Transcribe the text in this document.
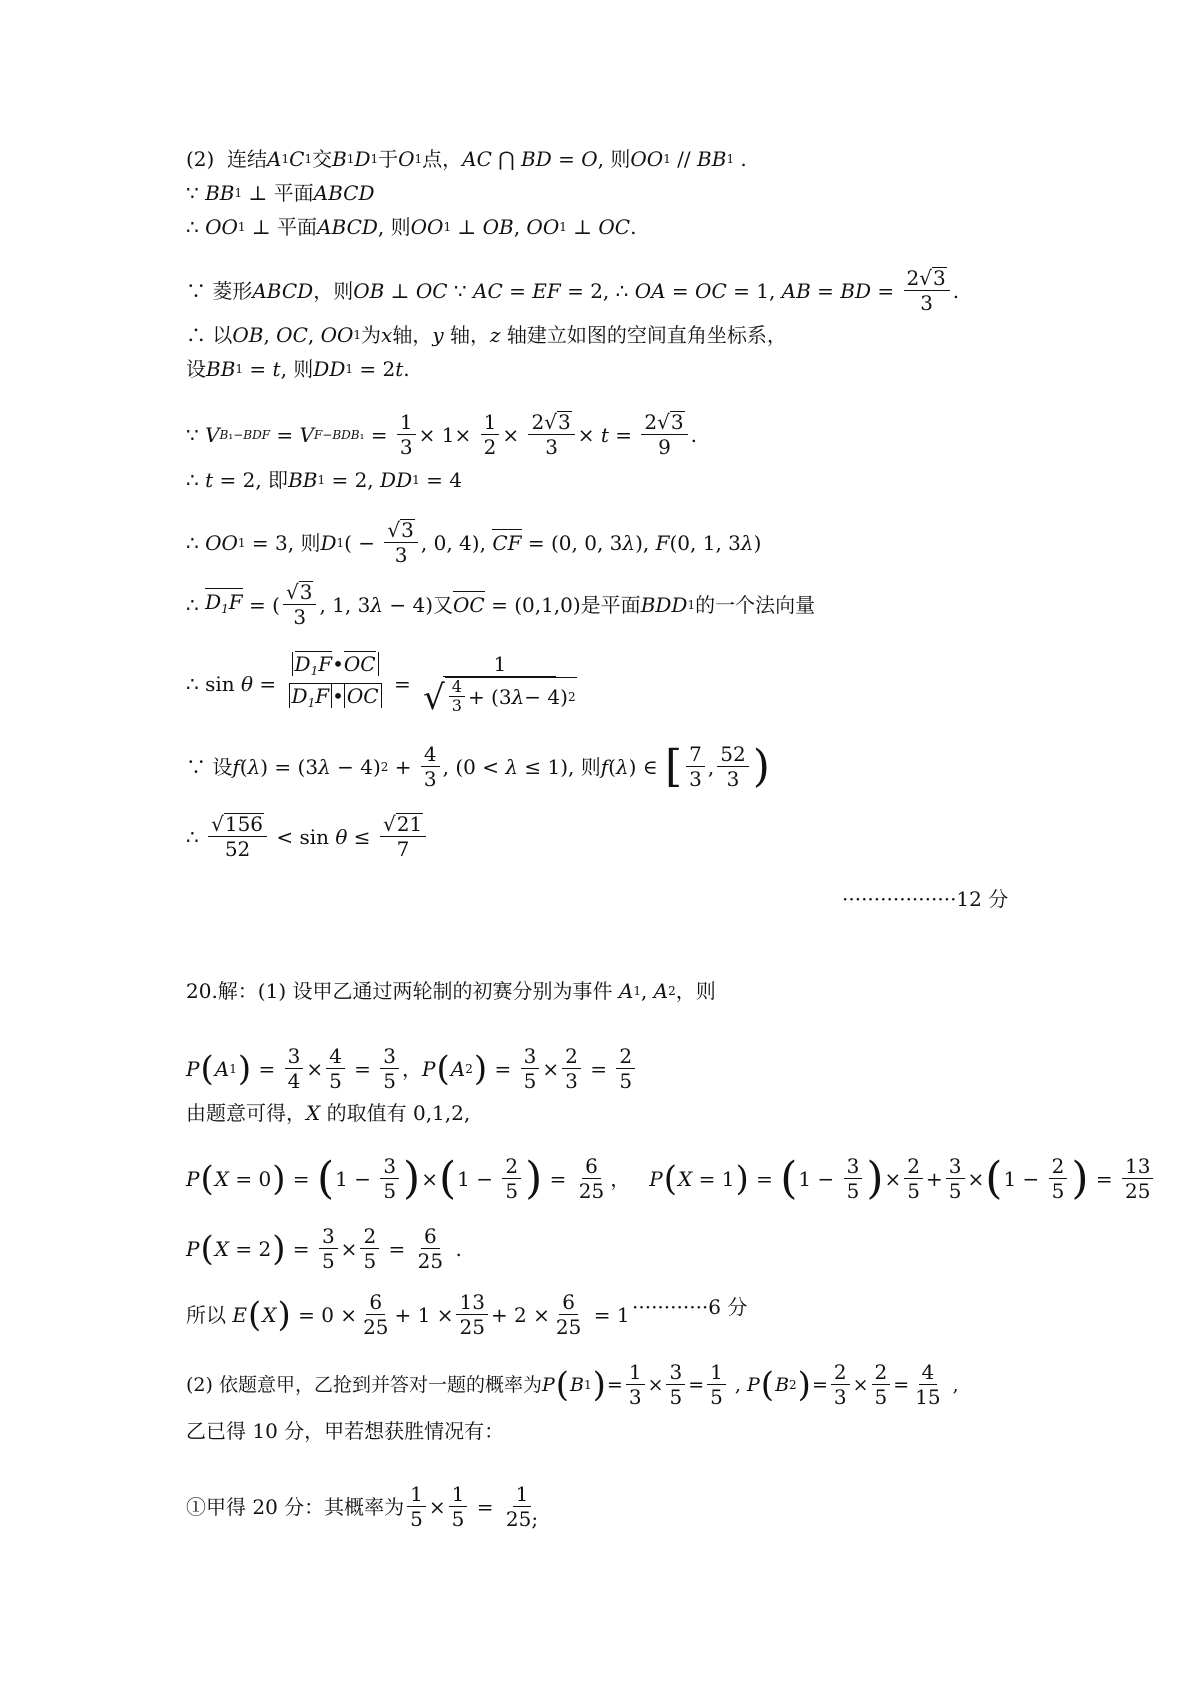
(2)  连结 A 1 C 1 交 B 1 D 1 于 O 1 点， AC ⋂ BD = O , 则 OO 1 // BB 1 .
∵ BB 1 ⊥ 平面 ABCD
∴ OO 1 ⊥ 平面 ABCD , 则 OO 1 ⊥ OB , OO 1 ⊥ OC .
∵ 菱形 ABCD ，则 OB ⊥ OC ∵ AC = EF = 2, ∴ OA = OC = 1, AB = BD = $\frac{2 √ 3}{3}$ .
∴ 以 OB , OC , OO 1 为 x 轴， y 轴， z 轴建立如图的空间直角坐标系，
设 BB 1 = t , 则 DD 1 = 2 t .
∵ V B₁−BDF = V $F-BDB_1 = \frac{1}{3} \times 1\times \frac{1}{2} \times \frac{2 √ 3}{3} \times t = \frac{2 √ 3}{9}$ .
∴ t = 2, 即 BB 1 = 2, DD 1 = 4
∴ OO 1 = 3, 则 D 1 ( − $\frac{√ 3}{3}$ , 0, 4), CF = (0, 0, 3 λ ), F (0, 1, 3 λ )
∴ $D_1F$ = ( $\frac{√ 3}{3}$ , 1, 3 λ − 4)又 OC = (0,1,0)是平面 BDD 1 的一个法向量
∴ $\sin \theta = \frac{D_1F•OC}{D_1F • OC} = \frac{1}{√ \frac{4}{3} + (3 \lambda - 4) 2}$
∵ 设 f ( λ ) = (3 λ − 4) $2 + \frac{4}{3}$ , (0 < λ ≤ 1), 则 f ( λ ) ∈ [ $\frac{7}{3}$ , $\frac{52}{3}$ )
∴ $\frac{√ 156}{52} < \sin \theta \le \frac{√ 21}{7}$
··················12 分
20.解：(1) 设甲乙通过两轮制的初赛分别为事件 A 1 , A 2 ，则
P ( A 1 ) = $\frac{3}{4} \times \frac{4}{5} = \frac{3}{5}$ ， P ( A 2 ) = $\frac{3}{5} \times \frac{2}{3} = \frac{2}{5}$
由题意可得， X 的取值有 0,1,2,
P ( X = 0 ) = ( $1 - \frac{3}{5}$ ) × ( $1 - \frac{2}{5}$ ) = $\frac{6}{25}$ ， P ( X = 1 ) = ( $1 - \frac{3}{5}$ ) × $\frac{2}{5} + \frac{3}{5}$ × ( $1 - \frac{2}{5}$ ) = $\frac{13}{25}$
P ( X = 2 ) = $\frac{3}{5} \times \frac{2}{5} = \frac{6}{25}$ .
所以 E ( X ) = $0 \times \frac{6}{25} + 1 \times \frac{13}{25} + 2 \times \frac{6}{25} = 1 \cdot\cdot\cdot\cdot\cdot\cdot\cdot\cdot\cdot\cdot\cdot\cdot 6$ 分
(2) 依题意甲，乙抢到并答对一题的概率为 P ( B 1 ) = $\frac{1}{3} \times \frac{3}{5} = \frac{1}{5}$ , P ( B 2 ) = $\frac{2}{3} \times \frac{2}{5} = \frac{4}{15}$ ,
乙已得 10 分，甲若想获胜情况有：
①甲得 20 分：其概率为 $\frac{1}{5} \times \frac{1}{5} = \frac{1}{25;}$
